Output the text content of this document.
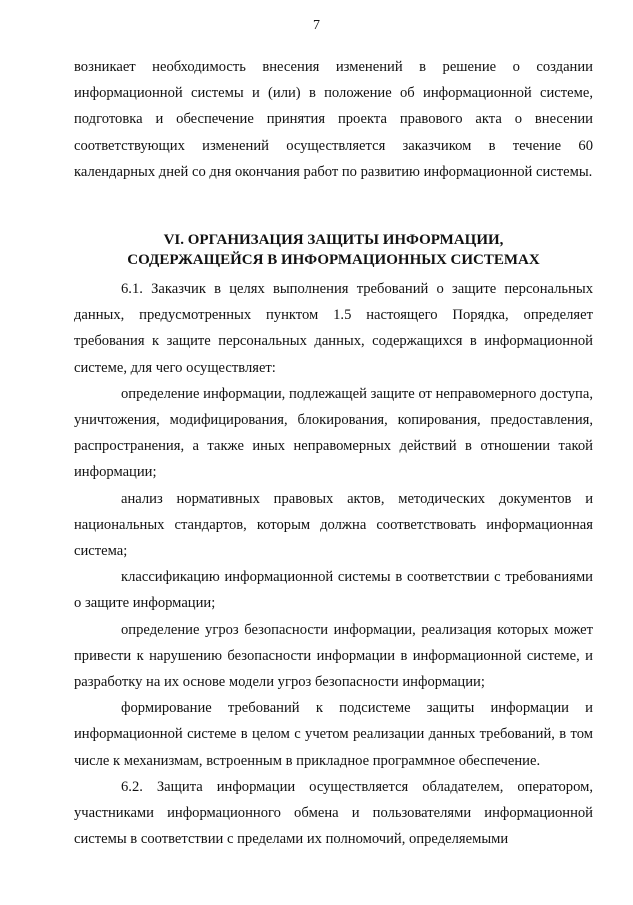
7

возникает необходимость внесения изменений в решение о создании информационной системы и (или) в положение об информационной системе, подготовка и обеспечение принятия проекта правового акта о внесении соответствующих изменений осуществляется заказчиком в течение 60 календарных дней со дня окончания работ по развитию информационной системы.

VI. ОРГАНИЗАЦИЯ ЗАЩИТЫ ИНФОРМАЦИИ,
СОДЕРЖАЩЕЙСЯ В ИНФОРМАЦИОННЫХ СИСТЕМАХ

6.1. Заказчик в целях выполнения требований о защите персональных данных, предусмотренных пунктом 1.5 настоящего Порядка, определяет требования к защите персональных данных, содержащихся в информационной системе, для чего осуществляет:

определение информации, подлежащей защите от неправомерного доступа, уничтожения, модифицирования, блокирования, копирования, предоставления, распространения, а также иных неправомерных действий в отношении такой информации;

анализ нормативных правовых актов, методических документов и национальных стандартов, которым должна соответствовать информационная система;

классификацию информационной системы в соответствии с требованиями о защите информации;

определение угроз безопасности информации, реализация которых может привести к нарушению безопасности информации в информационной системе, и разработку на их основе модели угроз безопасности информации;

формирование требований к подсистеме защиты информации и информационной системе в целом с учетом реализации данных требований, в том числе к механизмам, встроенным в прикладное программное обеспечение.

6.2. Защита информации осуществляется обладателем, оператором, участниками информационного обмена и пользователями информационной системы в соответствии с пределами их полномочий, определяемыми
